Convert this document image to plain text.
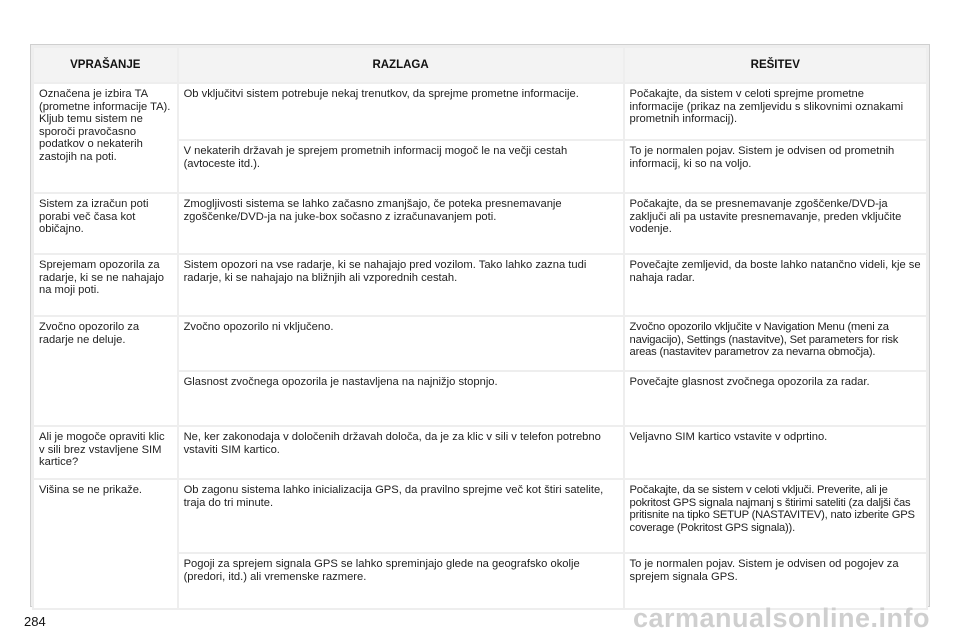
VPRAŠANJE	RAZLAGA	REŠITEV
Označena je izbira TA (prometne informacije TA). Kljub temu sistem ne sporoči pravočasno podatkov o nekaterih zastojih na poti.	Ob vključitvi sistem potrebuje nekaj trenutkov, da sprejme prometne informacije.	Počakajte, da sistem v celoti sprejme prometne informacije (prikaz na zemljevidu s slikovnimi oznakami prometnih informacij).
	V nekaterih državah je sprejem prometnih informacij mogoč le na večji cestah (avtoceste itd.).	To je normalen pojav. Sistem je odvisen od prometnih informacij, ki so na voljo.
Sistem za izračun poti porabi več časa kot običajno.	Zmogljivosti sistema se lahko začasno zmanjšajo, če poteka presnemavanje zgoščenke/DVD-ja na juke-box sočasno z izračunavanjem poti.	Počakajte, da se presnemavanje zgoščenke/DVD-ja zaključi ali pa ustavite presnemavanje, preden vključite vodenje.
Sprejemam opozorila za radarje, ki se ne nahajajo na moji poti.	Sistem opozori na vse radarje, ki se nahajajo pred vozilom. Tako lahko zazna tudi radarje, ki se nahajajo na bližnjih ali vzporednih cestah.	Povečajte zemljevid, da boste lahko natančno videli, kje se nahaja radar.
Zvočno opozorilo za radarje ne deluje.	Zvočno opozorilo ni vključeno.	Zvočno opozorilo vključite v Navigation Menu (meni za navigacijo), Settings (nastavitve), Set parameters for risk areas (nastavitev parametrov za nevarna območja).
	Glasnost zvočnega opozorila je nastavljena na najnižjo stopnjo.	Povečajte glasnost zvočnega opozorila za radar.
Ali je mogoče opraviti klic v sili brez vstavljene SIM kartice?	Ne, ker zakonodaja v določenih državah določa, da je za klic v sili v telefon potrebno vstaviti SIM kartico.	Veljavno SIM kartico vstavite v odprtino.
Višina se ne prikaže.	Ob zagonu sistema lahko inicializacija GPS, da pravilno sprejme več kot štiri satelite, traja do tri minute.	Počakajte, da se sistem v celoti vključi. Preverite, ali je pokritost GPS signala najmanj s štirimi sateliti (za daljši čas pritisnite na tipko SETUP (NASTAVITEV), nato izberite GPS coverage (Pokritost GPS signala)).
	Pogoji za sprejem signala GPS se lahko spreminjajo glede na geografsko okolje (predori, itd.) ali vremenske razmere.	To je normalen pojav. Sistem je odvisen od pogojev za sprejem signala GPS.
284	carmanualsonline.info
